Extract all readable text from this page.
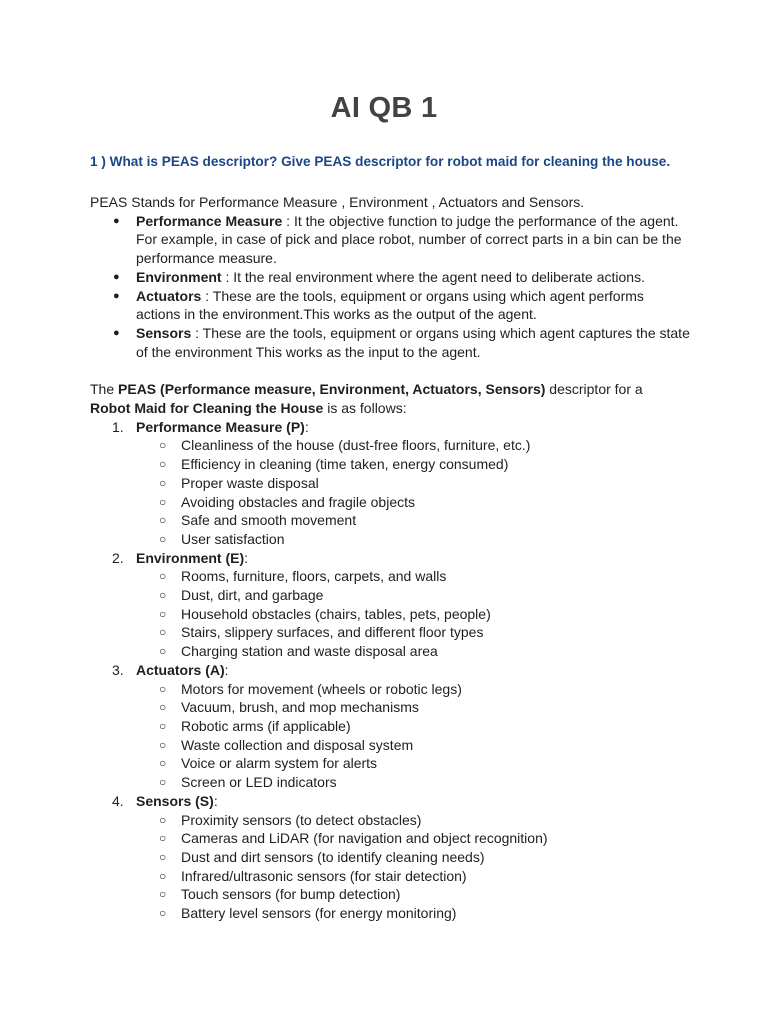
AI QB 1
1 ) What is PEAS descriptor? Give PEAS descriptor for robot maid for cleaning the house.

PEAS Stands for Performance Measure , Environment , Actuators and Sensors.

● Performance Measure : It the objective function to judge the performance of the agent. For example, in case of pick and place robot, number of correct parts in a bin can be the performance measure.
● Environment : It the real environment where the agent need to deliberate actions.
● Actuators : These are the tools, equipment or organs using which agent performs actions in the environment.This works as the output of the agent.
● Sensors : These are the tools, equipment or organs using which agent captures the state of the environment This works as the input to the agent.

The PEAS (Performance measure, Environment, Actuators, Sensors) descriptor for a
Robot Maid for Cleaning the House is as follows:

1. Performance Measure (P):
○ Cleanliness of the house (dust-free floors, furniture, etc.)
○ Efficiency in cleaning (time taken, energy consumed)
○ Proper waste disposal
○ Avoiding obstacles and fragile objects
○ Safe and smooth movement
○ User satisfaction
2. Environment (E):
○ Rooms, furniture, floors, carpets, and walls
○ Dust, dirt, and garbage
○ Household obstacles (chairs, tables, pets, people)
○ Stairs, slippery surfaces, and different floor types
○ Charging station and waste disposal area
3. Actuators (A):
○ Motors for movement (wheels or robotic legs)
○ Vacuum, brush, and mop mechanisms
○ Robotic arms (if applicable)
○ Waste collection and disposal system
○ Voice or alarm system for alerts
○ Screen or LED indicators
4. Sensors (S):
○ Proximity sensors (to detect obstacles)
○ Cameras and LiDAR (for navigation and object recognition)
○ Dust and dirt sensors (to identify cleaning needs)
○ Infrared/ultrasonic sensors (for stair detection)
○ Touch sensors (for bump detection)
○ Battery level sensors (for energy monitoring)
